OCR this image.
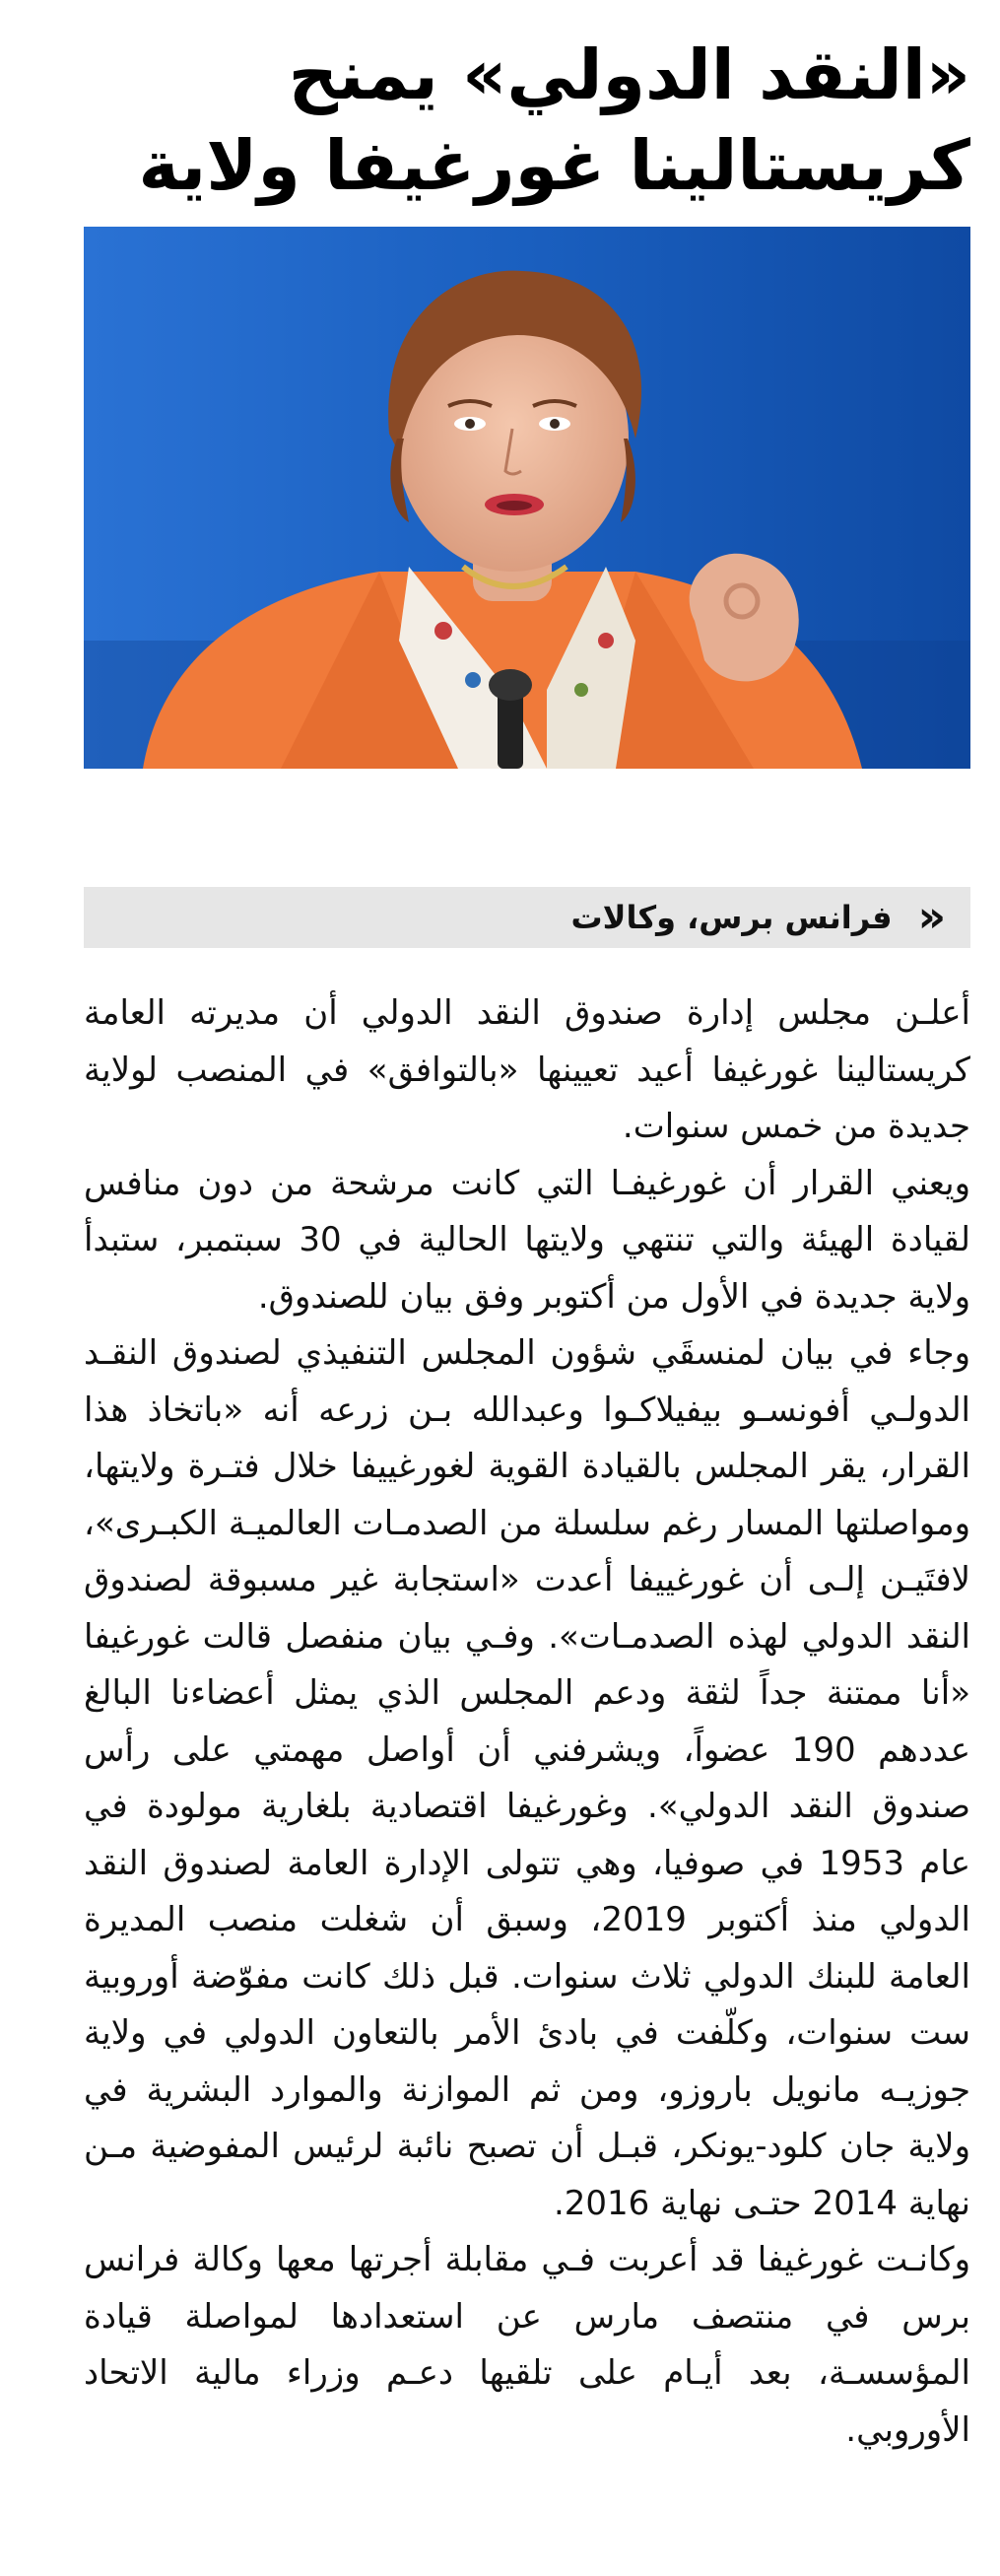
«النقد الدولي» يمنح كريستالينا غورغيفا ولاية
«
فرانس برس، وكالات

أعلـن مجلس إدارة صندوق النقد الدولي أن مديرته العامة كريستالينا غورغيفا أعيد تعيينها «بالتوافق» في المنصب لولاية جديدة من خمس سنوات.

ويعني القرار أن غورغيفـا التي كانت مرشحة من دون منافس لقيادة الهيئة والتي تنتهي ولايتها الحالية في 30 سبتمبر، ستبدأ ولاية جديدة في الأول من أكتوبر وفق بيان للصندوق.

وجاء في بيان لمنسقَي شؤون المجلس التنفيذي لصندوق النقـد الدولـي أفونسـو بيفيلاكـوا وعبدالله بـن زرعه أنه «باتخاذ هذا القرار، يقر المجلس بالقيادة القوية لغورغييفا خلال فتـرة ولايتها، ومواصلتها المسار رغم سلسلة من الصدمـات العالميـة الكبـرى»، لافتَيـن إلـى أن غورغييفا أعدت «استجابة غير مسبوقة لصندوق النقد الدولي لهذه الصدمـات». وفـي بيان منفصل قالت غورغيفا «أنا ممتنة جداً لثقة ودعم المجلس الذي يمثل أعضاءنا البالغ عددهم 190 عضواً، ويشرفني أن أواصل مهمتي على رأس صندوق النقد الدولي». وغورغيفا اقتصادية بلغارية مولودة في عام 1953 في صوفيا، وهي تتولى الإدارة العامة لصندوق النقد الدولي منذ أكتوبر 2019، وسبق أن شغلت منصب المديرة العامة للبنك الدولي ثلاث سنوات. قبل ذلك كانت مفوّضة أوروبية ست سنوات، وكلّفت في بادئ الأمر بالتعاون الدولي في ولاية جوزيـه مانويل باروزو، ومن ثم الموازنة والموارد البشرية في ولاية جان كلود-يونكر، قبـل أن تصبح نائبة لرئيس المفوضية مـن نهاية 2014 حتـى نهاية 2016.

وكانـت غورغيفا قد أعربت فـي مقابلة أجرتها معها وكالة فرانس برس في منتصف مارس عن استعدادها لمواصلة قيادة المؤسسـة، بعد أيـام على تلقيها دعـم وزراء مالية الاتحاد الأوروبي.
